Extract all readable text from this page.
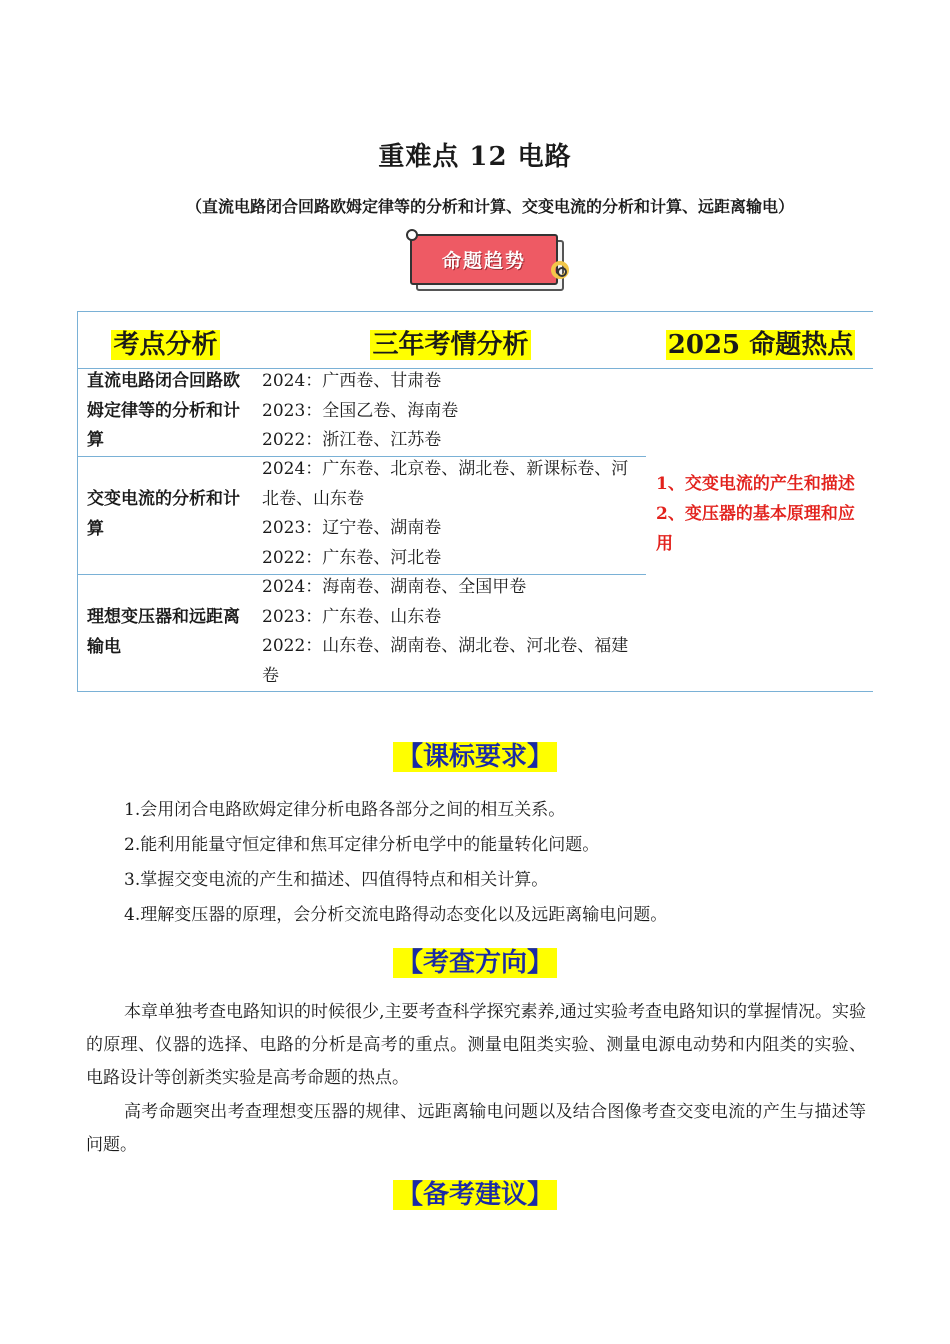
重难点 12 电路
（直流电路闭合回路欧姆定律等的分析和计算、交变电流的分析和计算、远距离输电）
命题趋势
考点分析	三年考情分析	2025 命题热点
直流电路闭合回路欧姆定律等的分析和计算
2024：广西卷、甘肃卷
2023：全国乙卷、海南卷
2022：浙江卷、江苏卷
交变电流的分析和计算
2024：广东卷、北京卷、湖北卷、新课标卷、河北卷、山东卷
2023：辽宁卷、湖南卷
2022：广东卷、河北卷
理想变压器和远距离输电
2024：海南卷、湖南卷、全国甲卷
2023：广东卷、山东卷
2022：山东卷、湖南卷、湖北卷、河北卷、福建卷
1、交变电流的产生和描述
2、变压器的基本原理和应用
【课标要求】
1.会用闭合电路欧姆定律分析电路各部分之间的相互关系。
2.能利用能量守恒定律和焦耳定律分析电学中的能量转化问题。
3.掌握交变电流的产生和描述、四值得特点和相关计算。
4.理解变压器的原理，会分析交流电路得动态变化以及远距离输电问题。
【考查方向】
本章单独考查电路知识的时候很少,主要考查科学探究素养,通过实验考查电路知识的掌握情况。实验的原理、仪器的选择、电路的分析是高考的重点。测量电阻类实验、测量电源电动势和内阻类的实验、电路设计等创新类实验是高考命题的热点。
高考命题突出考查理想变压器的规律、远距离输电问题以及结合图像考查交变电流的产生与描述等问题。
【备考建议】
